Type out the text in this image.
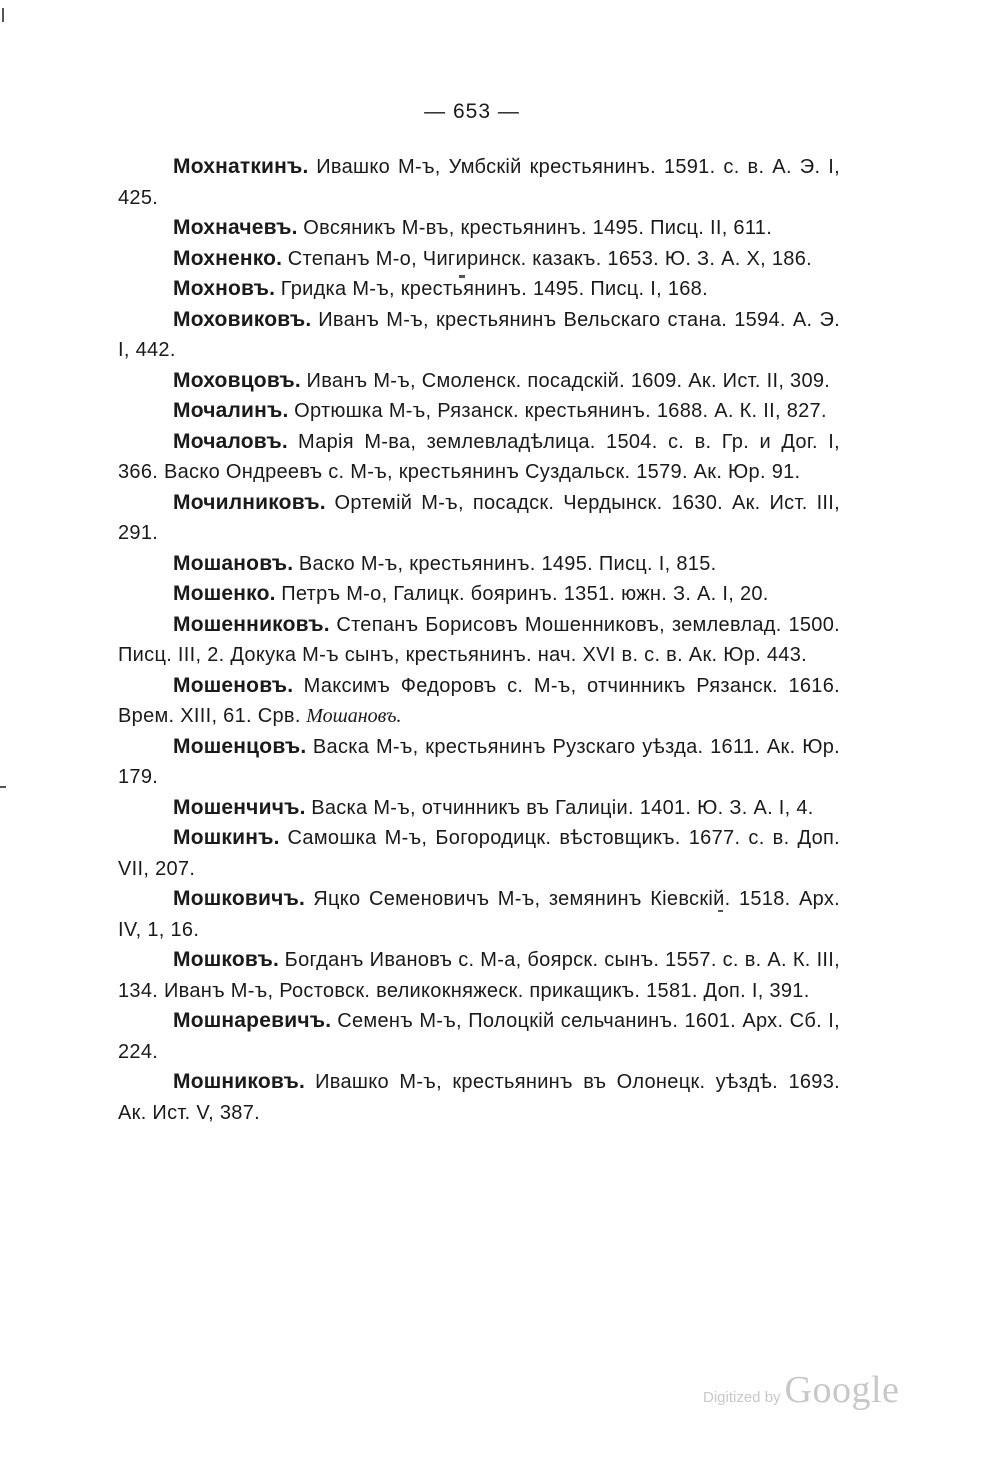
— 653 —

Мохнаткинъ. Ивашко М-ъ, Умбскій крестьянинъ. 1591. с. в. А. Э. I, 425.

Мохначевъ. Овсяникъ М-въ, крестьянинъ. 1495. Писц. II, 611.

Мохненко. Степанъ М-о, Чигиринск. казакъ. 1653. Ю. З. А. X, 186.

Мохновъ. Гридка М-ъ, крестьянинъ. 1495. Писц. I, 168.

Моховиковъ. Иванъ М-ъ, крестьянинъ Вельскаго стана. 1594. А. Э. I, 442.

Моховцовъ. Иванъ М-ъ, Смоленск. посадскій. 1609. Ак. Ист. II, 309.

Мочалинъ. Ортюшка М-ъ, Рязанск. крестьянинъ. 1688. А. К. II, 827.

Мочаловъ. Марія М-ва, землевладѣлица. 1504. с. в. Гр. и Дог. I, 366. Васко Ондреевъ с. М-ъ, крестьянинъ Суздальск. 1579. Ак. Юр. 91.

Мочилниковъ. Ортемій М-ъ, посадск. Чердынск. 1630. Ак. Ист. III, 291.

Мошановъ. Васко М-ъ, крестьянинъ. 1495. Писц. I, 815.

Мошенко. Петръ М-о, Галицк. бояринъ. 1351. южн. З. А. I, 20.

Мошенниковъ. Степанъ Борисовъ Мошенниковъ, землевлад. 1500. Писц. III, 2. Докука М-ъ сынъ, крестьянинъ. нач. XVI в. с. в. Ак. Юр. 443.

Мошеновъ. Максимъ Федоровъ с. М-ъ, отчинникъ Рязанск. 1616. Врем. XIII, 61. Срв. Мошановъ.

Мошенцовъ. Васка М-ъ, крестьянинъ Рузскаго уѣзда. 1611. Ак. Юр. 179.

Мошенчичъ. Васка М-ъ, отчинникъ въ Галиціи. 1401. Ю. З. А. I, 4.

Мошкинъ. Самошка М-ъ, Богородицк. вѣстовщикъ. 1677. с. в. Доп. VII, 207.

Мошковичъ. Яцко Семеновичъ М-ъ, земянинъ Кіевскій. 1518. Арх. IV, 1, 16.

Мошковъ. Богданъ Ивановъ с. М-а, боярск. сынъ. 1557. с. в. А. К. III, 134. Иванъ М-ъ, Ростовск. великокняжеск. прикащикъ. 1581. Доп. I, 391.

Мошнаревичъ. Семенъ М-ъ, Полоцкій сельчанинъ. 1601. Арх. Сб. I, 224.

Мошниковъ. Ивашко М-ъ, крестьянинъ въ Олонецк. уѣздѣ. 1693. Ак. Ист. V, 387.

Digitized by Google
